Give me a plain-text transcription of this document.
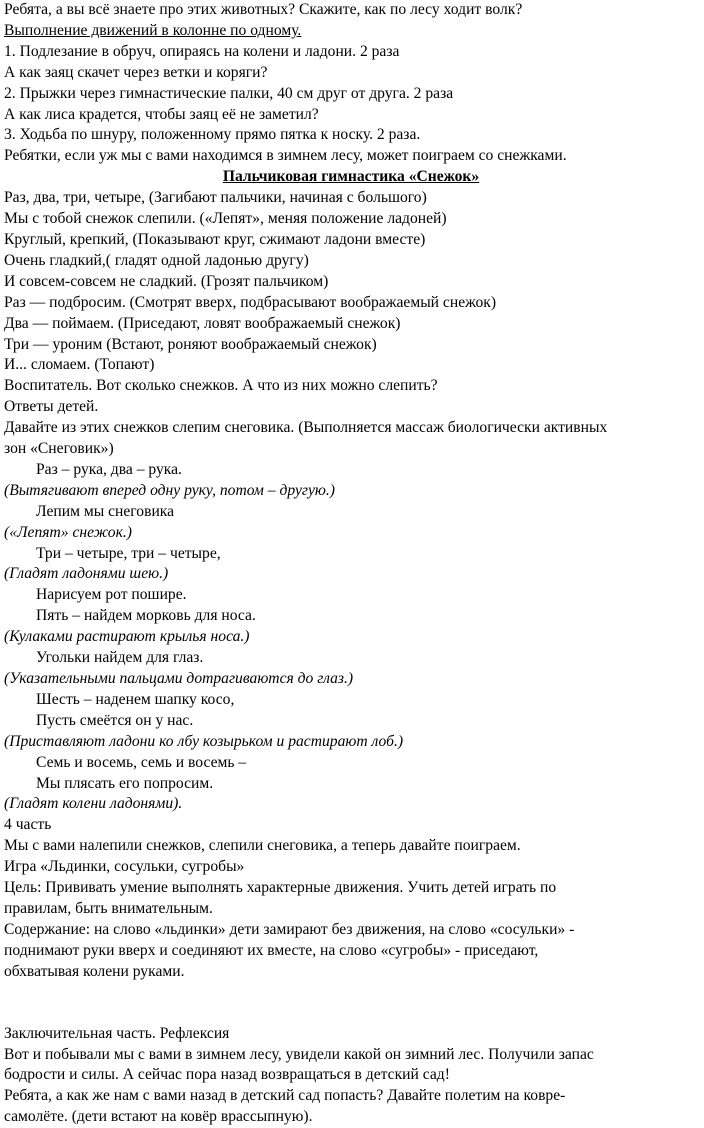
Ребята, а вы всё знаете про этих животных? Скажите, как по лесу ходит волк?
Выполнение движений в колонне по одному.
1. Подлезание в обруч, опираясь на колени и ладони. 2 раза
А как заяц скачет через ветки и коряги?
2. Прыжки через гимнастические палки, 40 см друг от друга. 2 раза
А как лиса крадется, чтобы заяц её не заметил?
3. Ходьба по шнуру, положенному прямо пятка к носку. 2 раза.
Ребятки, если уж мы с вами находимся в зимнем лесу, может поиграем со снежками.
Пальчиковая гимнастика «Снежок»
Раз, два, три, четыре, (Загибают пальчики, начиная с большого)
Мы с тобой снежок слепили. («Лепят», меняя положение ладоней)
Круглый, крепкий, (Показывают круг, сжимают ладони вместе)
Очень гладкий,( гладят одной ладонью другу)
И совсем-совсем не сладкий. (Грозят пальчиком)
Раз — подбросим. (Смотрят вверх, подбрасывают воображаемый снежок)
Два — поймаем. (Приседают, ловят воображаемый снежок)
Три — уроним (Встают, роняют воображаемый снежок)
И... сломаем. (Топают)
Воспитатель. Вот сколько снежков. А что из них можно слепить?
Ответы детей.
Давайте из этих снежков слепим снеговика. (Выполняется массаж биологически активных
зон «Снеговик»)
Раз – рука, два – рука.
(Вытягивают вперед одну руку, потом – другую.)
Лепим мы снеговика
(«Лепят» снежок.)
Три – четыре, три – четыре,
(Гладят ладонями шею.)
Нарисуем рот пошире.
Пять – найдем морковь для носа.
(Кулаками растирают крылья носа.)
Угольки найдем для глаз.
(Указательными пальцами дотрагиваются до глаз.)
Шесть – наденем шапку косо,
Пусть смеётся он у нас.
(Приставляют ладони ко лбу козырьком и растирают лоб.)
Семь и восемь, семь и восемь –
Мы плясать его попросим.
(Гладят колени ладонями).
4 часть
Мы с вами налепили снежков, слепили снеговика, а теперь давайте поиграем.
Игра «Льдинки, сосульки, сугробы»
Цель: Прививать умение выполнять характерные движения. Учить детей играть по
правилам, быть внимательным.
Содержание: на слово «льдинки» дети замирают без движения, на слово «сосульки» -
поднимают руки вверх и соединяют их вместе, на слово «сугробы» - приседают,
обхватывая колени руками.
Заключительная часть. Рефлексия
Вот и побывали мы с вами в зимнем лесу, увидели какой он зимний лес. Получили запас
бодрости и силы. А сейчас пора назад возвращаться в детский сад!
Ребята, а как же нам с вами назад в детский сад попасть? Давайте полетим на ковре-
самолёте. (дети встают на ковёр врассыпную).
